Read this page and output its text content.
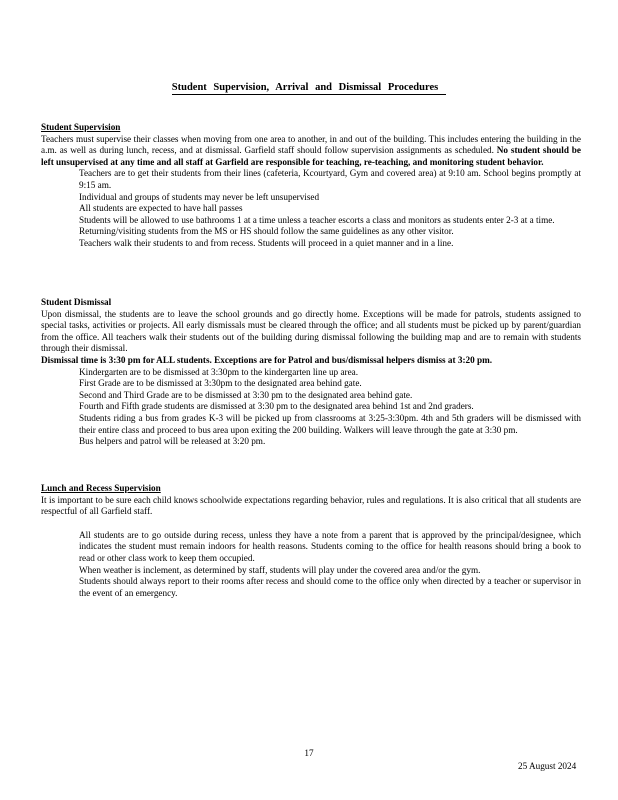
Student Supervision, Arrival and Dismissal Procedures
Student Supervision

Teachers must supervise their classes when moving from one area to another, in and out of the building. This includes entering the building in the a.m. as well as during lunch, recess, and at dismissal. Garfield staff should follow supervision assignments as scheduled. No student should be left unsupervised at any time and all staff at Garfield are responsible for teaching, re-teaching, and monitoring student behavior.

Teachers are to get their students from their lines (cafeteria, Kcourtyard, Gym and covered area) at 9:10 am. School begins promptly at 9:15 am.
Individual and groups of students may never be left unsupervised
All students are expected to have hall passes
Students will be allowed to use bathrooms 1 at a time unless a teacher escorts a class and monitors as students enter 2-3 at a time.
Returning/visiting students from the MS or HS should follow the same guidelines as any other visitor.
Teachers walk their students to and from recess. Students will proceed in a quiet manner and in a line.
Student Dismissal

Upon dismissal, the students are to leave the school grounds and go directly home. Exceptions will be made for patrols, students assigned to special tasks, activities or projects. All early dismissals must be cleared through the office; and all students must be picked up by parent/guardian from the office. All teachers walk their students out of the building during dismissal following the building map and are to remain with students through their dismissal.

Dismissal time is 3:30 pm for ALL students. Exceptions are for Patrol and bus/dismissal helpers dismiss at 3:20 pm.

Kindergarten are to be dismissed at 3:30pm to the kindergarten line up area.
First Grade are to be dismissed at 3:30pm to the designated area behind gate.
Second and Third Grade are to be dismissed at 3:30 pm to the designated area behind gate.
Fourth and Fifth grade students are dismissed at 3:30 pm to the designated area behind 1st and 2nd graders.
Students riding a bus from grades K-3 will be picked up from classrooms at 3:25-3:30pm. 4th and 5th graders will be dismissed with their entire class and proceed to bus area upon exiting the 200 building. Walkers will leave through the gate at 3:30 pm.
Bus helpers and patrol will be released at 3:20 pm.
Lunch and Recess Supervision

It is important to be sure each child knows schoolwide expectations regarding behavior, rules and regulations. It is also critical that all students are respectful of all Garfield staff.

All students are to go outside during recess, unless they have a note from a parent that is approved by the principal/designee, which indicates the student must remain indoors for health reasons. Students coming to the office for health reasons should bring a book to read or other class work to keep them occupied.
When weather is inclement, as determined by staff, students will play under the covered area and/or the gym.
Students should always report to their rooms after recess and should come to the office only when directed by a teacher or supervisor in the event of an emergency.
17
25 August 2024
